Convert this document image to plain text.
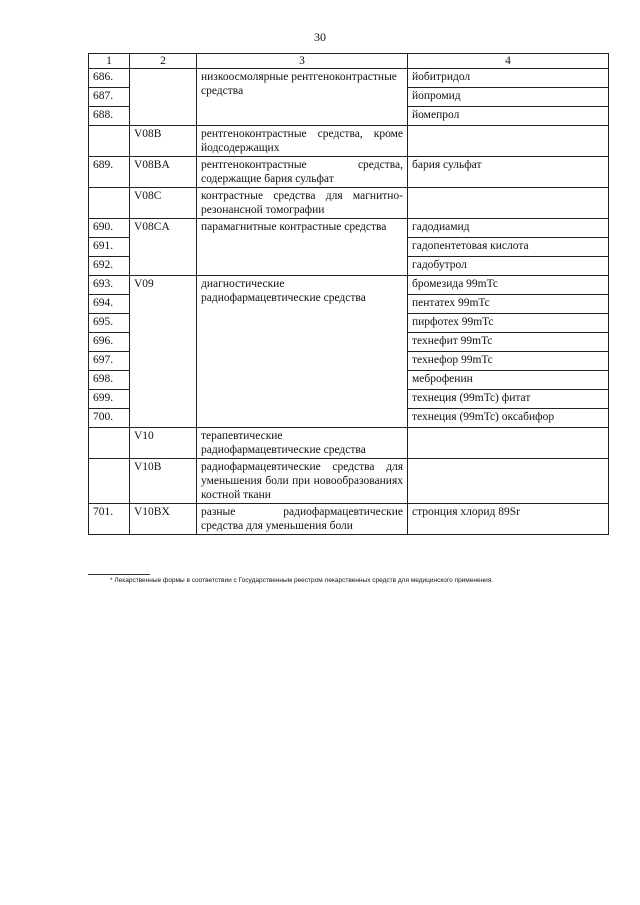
30
1	2	3	4
686.		низкоосмолярные рентгеноконтрастные средства	йобитридол
687.			йопромид
688.			йомепрол
	V08B	рентгеноконтрастные средства, кроме йодсодержащих	
689.	V08BA	рентгеноконтрастные средства, содержащие бария сульфат	бария сульфат
	V08C	контрастные средства для магнитно-резонансной томографии	
690.	V08CA	парамагнитные контрастные средства	гадодиамид
691.			гадопентетовая кислота
692.			гадобутрол
693.	V09	диагностические радиофармацевтические средства	бромезида 99mTc
694.			пентатех 99mTc
695.			пирфотех 99mTc
696.			технефит 99mTc
697.			технефор 99mTc
698.			меброфенин
699.			технеция (99mTc) фитат
700.			технеция (99mTc) оксабифор
	V10	терапевтические радиофармацевтические средства	
	V10B	радиофармацевтические средства для уменьшения боли при новообразованиях костной ткани	
701.	V10BX	разные радиофармацевтические средства для уменьшения боли	стронция хлорид 89Sr
* Лекарственные формы в соответствии с Государственным реестром лекарственных средств для медицинского применения.
